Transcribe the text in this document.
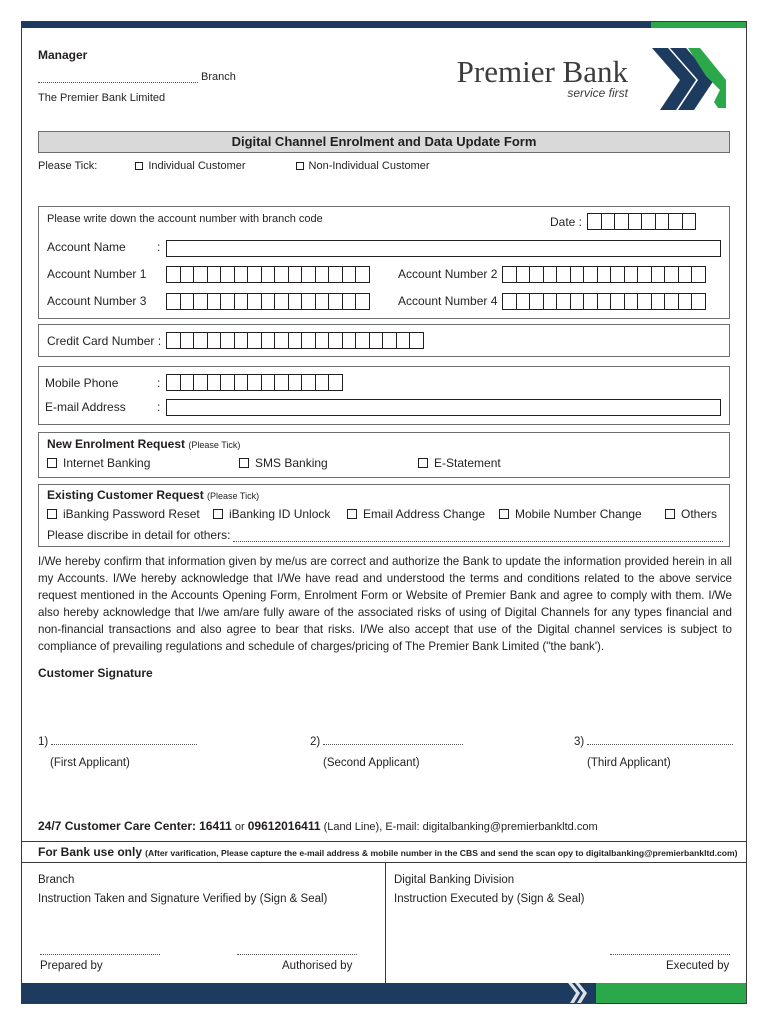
Manager
Branch
The Premier Bank Limited
Premier Bank
service first
Digital Channel Enrolment and Data Update Form
Please Tick:	Individual Customer	Non-Individual Customer
Please write down the account number with branch code	Date :
Account Name	:
Account Number 1	Account Number 2
Account Number 3	Account Number 4
Credit Card Number :
Mobile Phone	:
E-mail Address	:
New Enrolment Request (Please Tick)
Internet Banking	SMS Banking	E-Statement
Existing Customer Request (Please Tick)
iBanking Password Reset iBanking ID Unlock	Email Address Change Mobile Number Change	Others
Please discribe in detail for others:
I/We hereby confirm that information given by me/us are correct and authorize the Bank to update the information provided herein in all my Accounts. I/We hereby acknowledge that I/We have read and understood the terms and conditions related to the above service request mentioned in the Accounts Opening Form, Enrolment Form or Website of Premier Bank and agree to comply with them. I/We also hereby acknowledge that I/we am/are fully aware of the associated risks of using of Digital Channels for any types financial and non-financial transactions and also agree to bear that risks. I/We also accept that use of the Digital channel services is subject to compliance of prevailing regulations and schedule of charges/pricing of The Premier Bank Limited ("the bank').
Customer Signature
1)
(First Applicant)
2)
(Second Applicant)
3)
(Third Applicant)
24/7 Customer Care Center: 16411 or 09612016411 (Land Line), E-mail: digitalbanking@premierbankltd.com
For Bank use only (After varification, Please capture the e-mail address & mobile number in the CBS and send the scan opy to digitalbanking@premierbankltd.com)
Branch
Instruction Taken and Signature Verified by (Sign & Seal)
Digital Banking Division
Instruction Executed by (Sign & Seal)
Prepared by	Authorised by	Executed by
